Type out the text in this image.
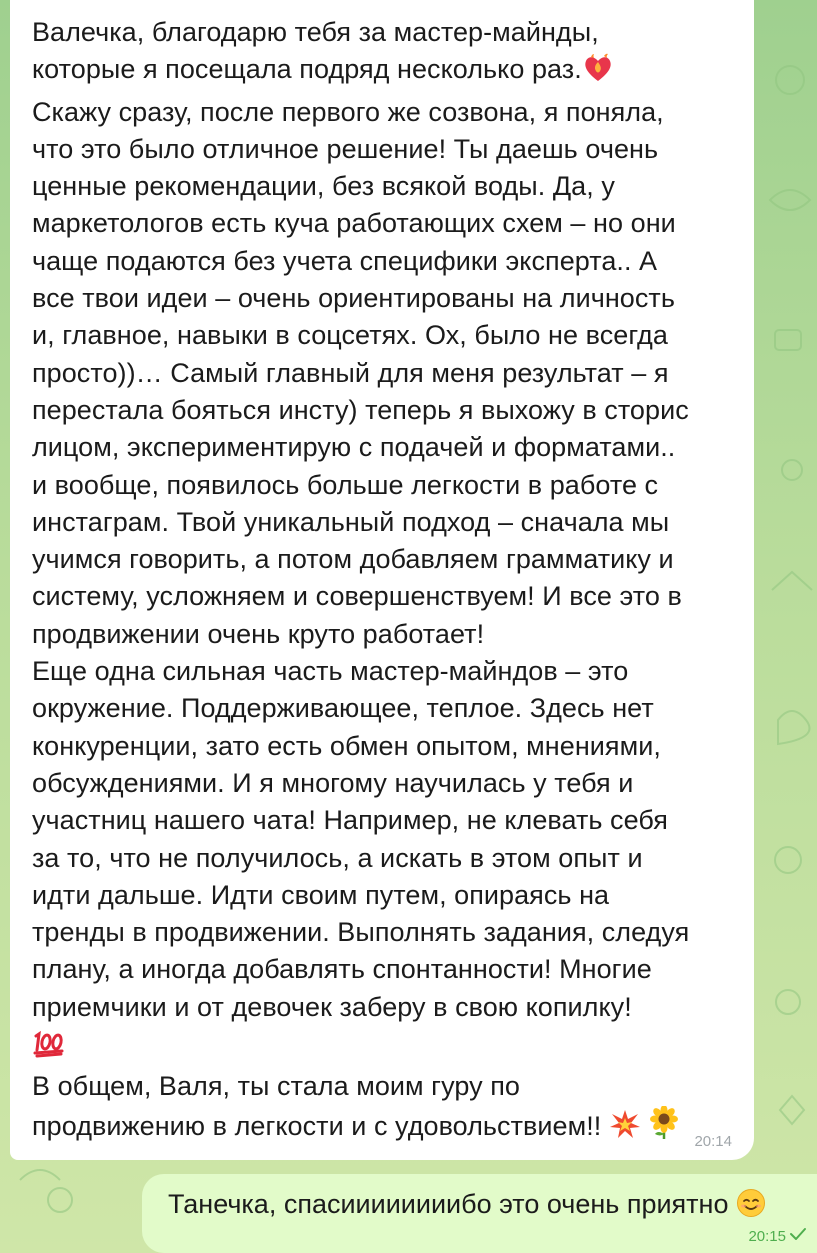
Валечка, благодарю тебя за мастер-майнды,
которые я посещала подряд несколько раз.
Скажу сразу, после первого же созвона, я поняла,
что это было отличное решение! Ты даешь очень
ценные рекомендации, без всякой воды. Да, у
маркетологов есть куча работающих схем – но они
чаще подаются без учета специфики эксперта.. А
все твои идеи – очень ориентированы на личность
и, главное, навыки в соцсетях. Ох, было не всегда
просто))… Самый главный для меня результат – я
перестала бояться инсту) теперь я выхожу в сторис
лицом, экспериментирую с подачей и форматами..
и вообще, появилось больше легкости в работе с
инстаграм. Твой уникальный подход – сначала мы
учимся говорить, а потом добавляем грамматику и
систему, усложняем и совершенствуем! И все это в
продвижении очень круто работает!
Еще одна сильная часть мастер-майндов – это
окружение. Поддерживающее, теплое. Здесь нет
конкуренции, зато есть обмен опытом, мнениями,
обсуждениями. И я многому научилась у тебя и
участниц нашего чата! Например, не клевать себя
за то, что не получилось, а искать в этом опыт и
идти дальше. Идти своим путем, опираясь на
тренды в продвижении. Выполнять задания, следуя
плану, а иногда добавлять спонтанности! Многие
приемчики и от девочек заберу в свою копилку!

В общем, Валя, ты стала моим гуру по
продвижению в легкости и с удовольствием!!
20:14
Танечка, спасиииииииибо это очень приятно
20:15
